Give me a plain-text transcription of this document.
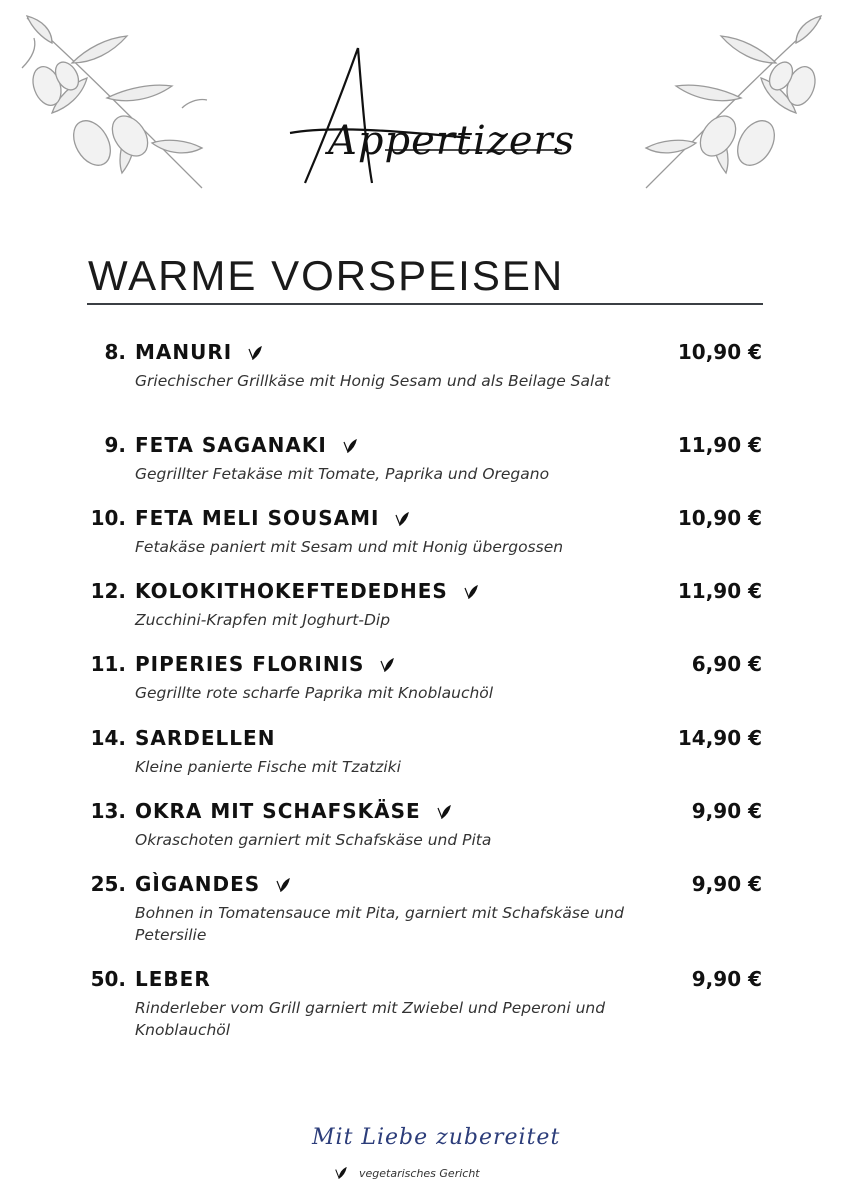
Appertizers
WARME VORSPEISEN
8. MANURI	10,90 €
Griechischer Grillkäse mit Honig Sesam und als Beilage Salat
9. FETA SAGANAKI	11,90 €
Gegrillter Fetakäse mit Tomate, Paprika und Oregano
10. FETA MELI SOUSAMI	10,90 €
Fetakäse paniert mit Sesam und mit Honig übergossen
12. KOLOKITHOKEFTEDEDHES	11,90 €
Zucchini-Krapfen mit Joghurt-Dip
11. PIPERIES FLORINIS	6,90 €
Gegrillte rote scharfe Paprika mit Knoblauchöl
14. SARDELLEN	14,90 €
Kleine panierte Fische mit Tzatziki
13. OKRA MIT SCHAFSKÄSE	9,90 €
Okraschoten garniert mit Schafskäse und Pita
25. GÌGANDES	9,90 €
Bohnen in Tomatensauce mit Pita, garniert mit Schafskäse und Petersilie
50. LEBER	9,90 €
Rinderleber vom Grill garniert mit Zwiebel und Peperoni und Knoblauchöl
Mit Liebe zubereitet
vegetarisches Gericht
